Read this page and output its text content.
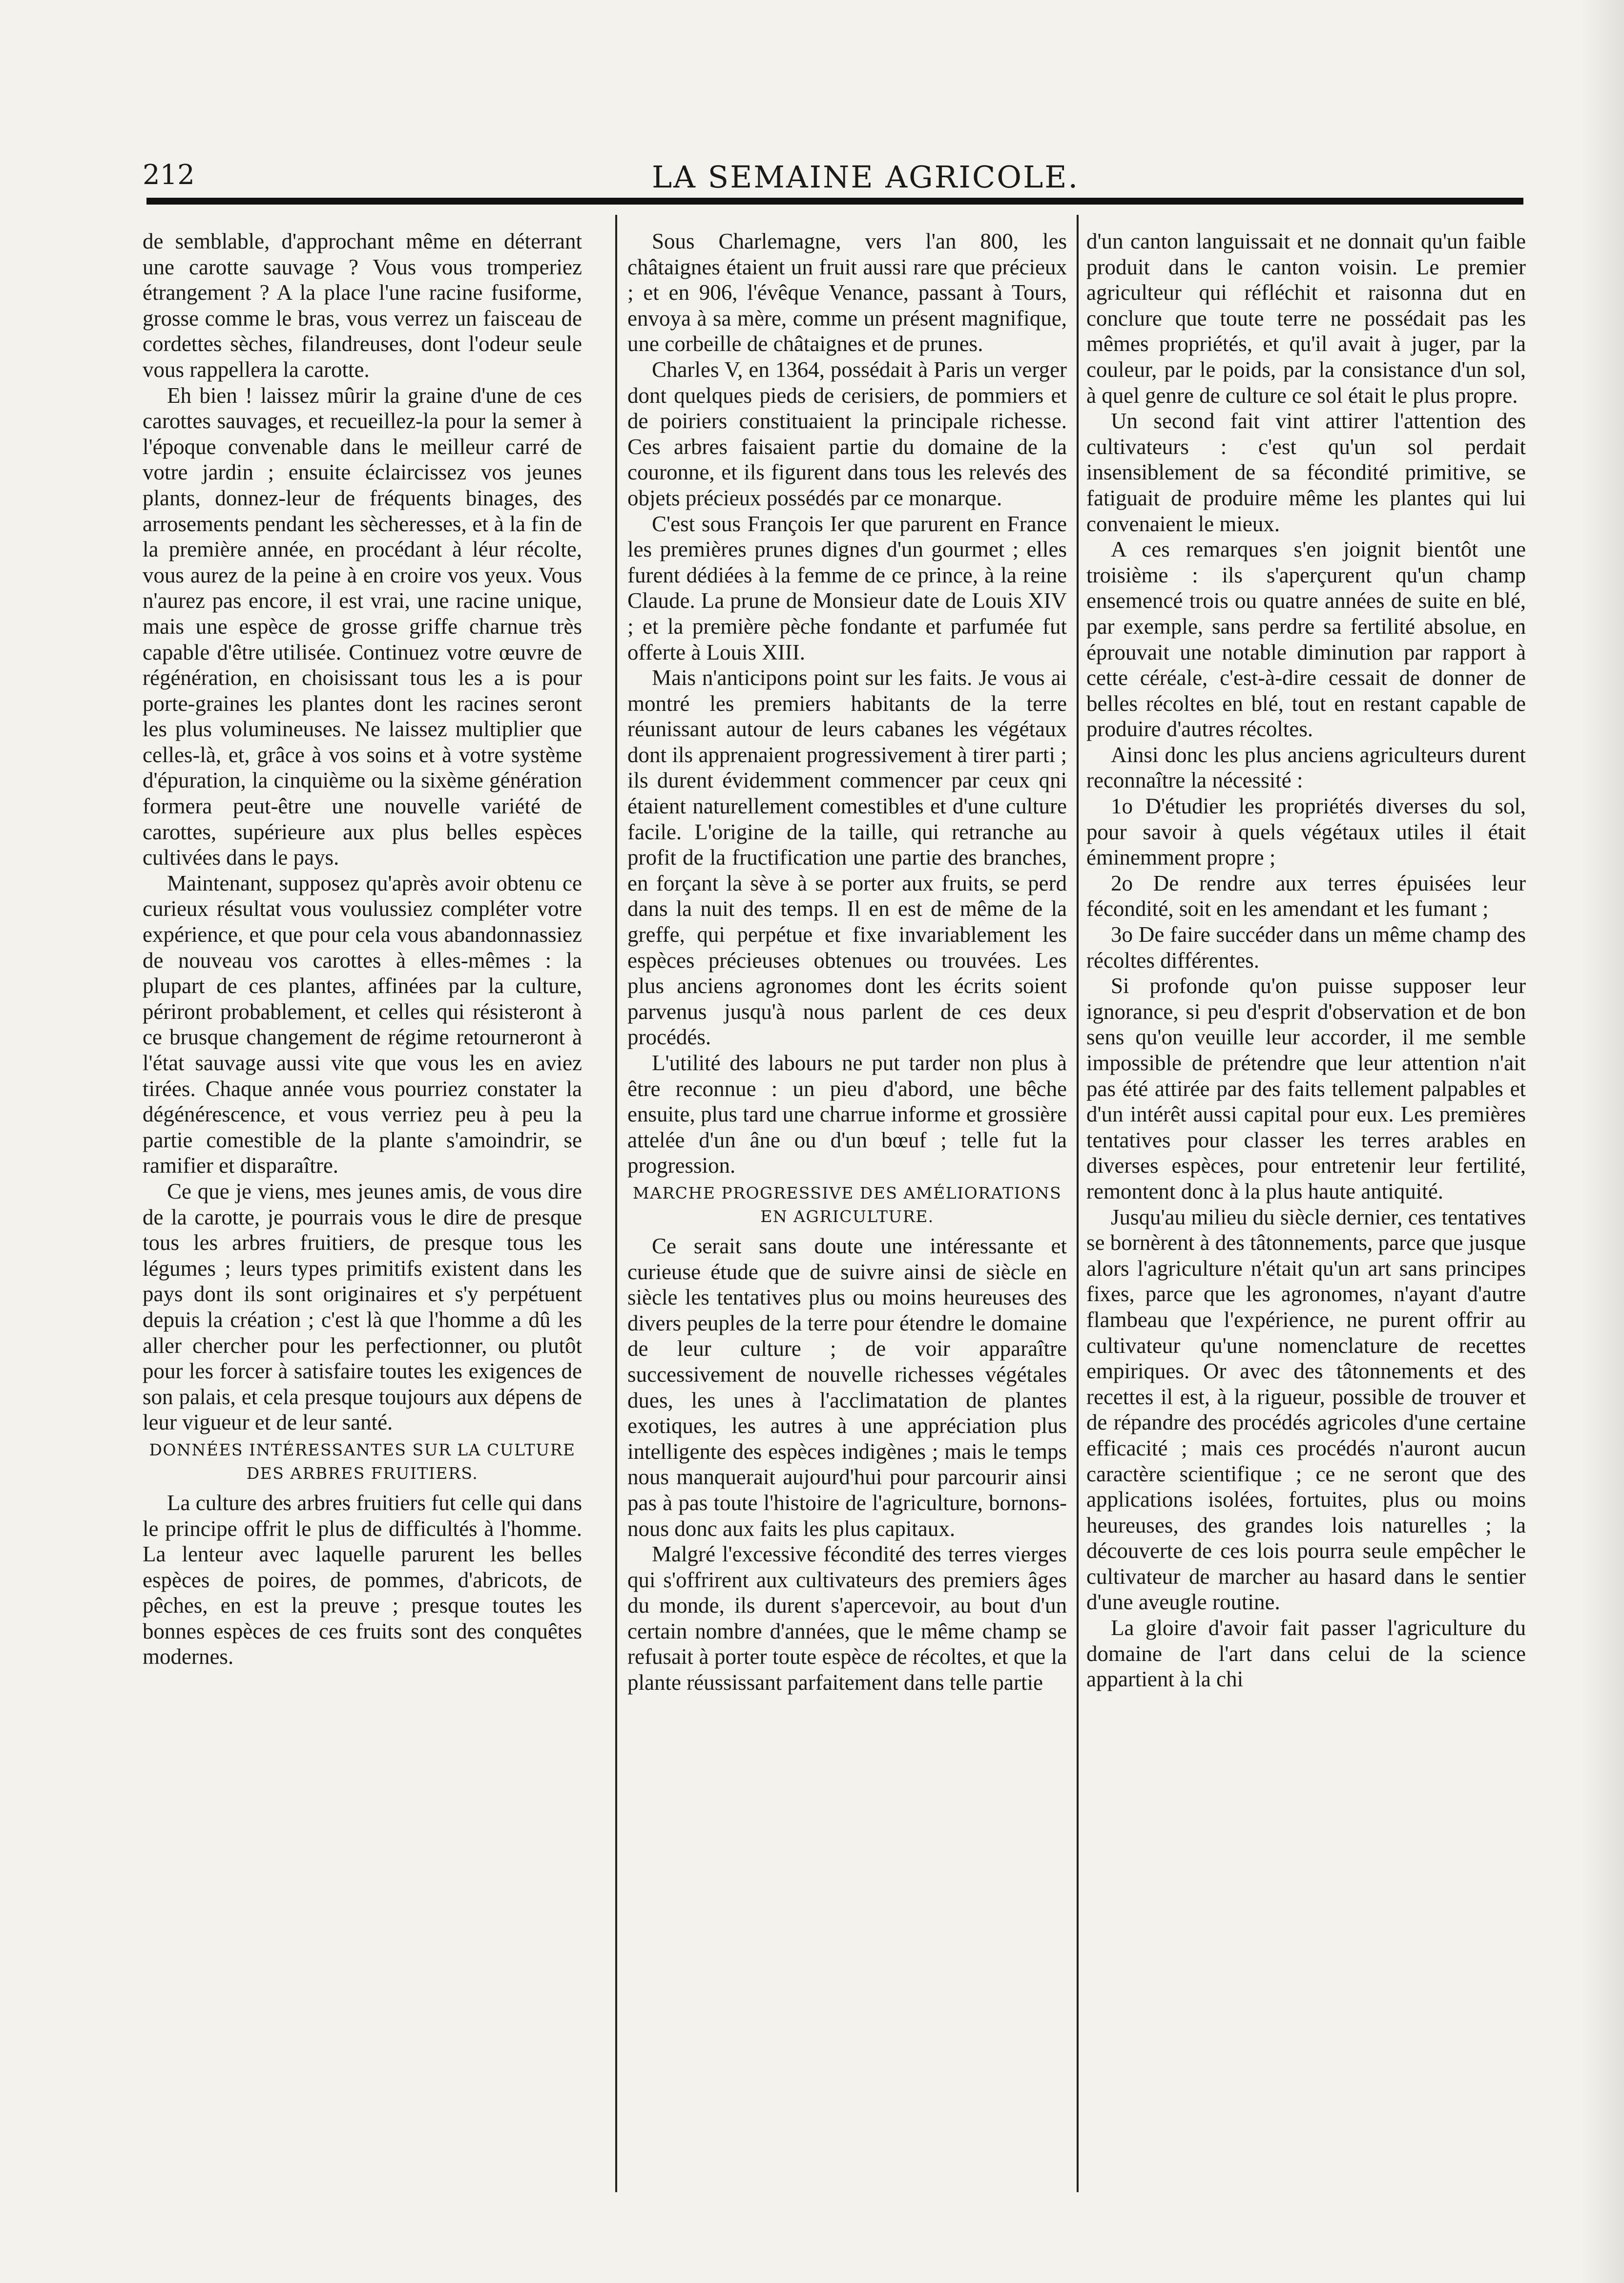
212	LA SEMAINE AGRICOLE.

de semblable, d'approchant même en déterrant une carotte sauvage ? Vous vous tromperiez étrangement ? A la place l'une racine fusiforme, grosse comme le bras, vous verrez un faisceau de cordettes sèches, filandreuses, dont l'odeur seule vous rappellera la carotte.

Eh bien ! laissez mûrir la graine d'une de ces carottes sauvages, et recueillez-la pour la semer à l'époque convenable dans le meilleur carré de votre jardin ; ensuite éclaircissez vos jeunes plants, donnez-leur de fréquents binages, des arrosements pendant les sècheresses, et à la fin de la première année, en procédant à léur récolte, vous aurez de la peine à en croire vos yeux. Vous n'aurez pas encore, il est vrai, une racine unique, mais une espèce de grosse griffe charnue très capable d'être utilisée. Continuez votre œuvre de régénération, en choisissant tous les a is pour porte-graines les plantes dont les racines seront les plus volumineuses. Ne laissez multiplier que celles-là, et, grâce à vos soins et à votre système d'épuration, la cinquième ou la sixème génération formera peut-être une nouvelle variété de carottes, supérieure aux plus belles espèces cultivées dans le pays.

Maintenant, supposez qu'après avoir obtenu ce curieux résultat vous voulussiez compléter votre expérience, et que pour cela vous abandonnassiez de nouveau vos carottes à elles-mêmes : la plupart de ces plantes, affinées par la culture, périront probablement, et celles qui résisteront à ce brusque changement de régime retourneront à l'état sauvage aussi vite que vous les en aviez tirées. Chaque année vous pourriez constater la dégénérescence, et vous verriez peu à peu la partie comestible de la plante s'amoindrir, se ramifier et disparaître.

Ce que je viens, mes jeunes amis, de vous dire de la carotte, je pourrais vous le dire de presque tous les arbres fruitiers, de presque tous les légumes ; leurs types primitifs existent dans les pays dont ils sont originaires et s'y perpétuent depuis la création ; c'est là que l'homme a dû les aller chercher pour les perfectionner, ou plutôt pour les forcer à satisfaire toutes les exigences de son palais, et cela presque toujours aux dépens de leur vigueur et de leur santé.

DONNÉES INTÉRESSANTES SUR LA CULTURE DES ARBRES FRUITIERS.

La culture des arbres fruitiers fut celle qui dans le principe offrit le plus de difficultés à l'homme. La lenteur avec laquelle parurent les belles espèces de poires, de pommes, d'abricots, de pêches, en est la preuve ; presque toutes les bonnes espèces de ces fruits sont des conquêtes modernes.

Sous Charlemagne, vers l'an 800, les châtaignes étaient un fruit aussi rare que précieux ; et en 906, l'évêque Venance, passant à Tours, envoya à sa mère, comme un présent magnifique, une corbeille de châtaignes et de prunes.

Charles V, en 1364, possédait à Paris un verger dont quelques pieds de cerisiers, de pommiers et de poiriers constituaient la principale richesse. Ces arbres faisaient partie du domaine de la couronne, et ils figurent dans tous les relevés des objets précieux possédés par ce monarque.

C'est sous François Ier que parurent en France les premières prunes dignes d'un gourmet ; elles furent dédiées à la femme de ce prince, à la reine Claude. La prune de Monsieur date de Louis XIV ; et la première pèche fondante et parfumée fut offerte à Louis XIII.

Mais n'anticipons point sur les faits. Je vous ai montré les premiers habitants de la terre réunissant autour de leurs cabanes les végétaux dont ils apprenaient progressivement à tirer parti ; ils durent évidemment commencer par ceux qni étaient naturellement comestibles et d'une culture facile. L'origine de la taille, qui retranche au profit de la fructification une partie des branches, en forçant la sève à se porter aux fruits, se perd dans la nuit des temps. Il en est de même de la greffe, qui perpétue et fixe invariablement les espèces précieuses obtenues ou trouvées. Les plus anciens agronomes dont les écrits soient parvenus jusqu'à nous parlent de ces deux procédés.

L'utilité des labours ne put tarder non plus à être reconnue : un pieu d'abord, une bêche ensuite, plus tard une charrue informe et grossière attelée d'un âne ou d'un bœuf ; telle fut la progression.

MARCHE PROGRESSIVE DES AMÉLIORATIONS EN AGRICULTURE.

Ce serait sans doute une intéressante et curieuse étude que de suivre ainsi de siècle en siècle les tentatives plus ou moins heureuses des divers peuples de la terre pour étendre le domaine de leur culture ; de voir apparaître successivement de nouvelle richesses végétales dues, les unes à l'acclimatation de plantes exotiques, les autres à une appréciation plus intelligente des espèces indigènes ; mais le temps nous manquerait aujourd'hui pour parcourir ainsi pas à pas toute l'histoire de l'agriculture, bornons-nous donc aux faits les plus capitaux.

Malgré l'excessive fécondité des terres vierges qui s'offrirent aux cultivateurs des premiers âges du monde, ils durent s'apercevoir, au bout d'un certain nombre d'années, que le même champ se refusait à porter toute espèce de récoltes, et que la plante réussissant parfaitement dans telle partie

d'un canton languissait et ne donnait qu'un faible produit dans le canton voisin. Le premier agriculteur qui réfléchit et raisonna dut en conclure que toute terre ne possédait pas les mêmes propriétés, et qu'il avait à juger, par la couleur, par le poids, par la consistance d'un sol, à quel genre de culture ce sol était le plus propre.

Un second fait vint attirer l'attention des cultivateurs : c'est qu'un sol perdait insensiblement de sa fécondité primitive, se fatiguait de produire même les plantes qui lui convenaient le mieux.

A ces remarques s'en joignit bientôt une troisième : ils s'aperçurent qu'un champ ensemencé trois ou quatre années de suite en blé, par exemple, sans perdre sa fertilité absolue, en éprouvait une notable diminution par rapport à cette céréale, c'est-à-dire cessait de donner de belles récoltes en blé, tout en restant capable de produire d'autres récoltes.

Ainsi donc les plus anciens agriculteurs durent reconnaître la nécessité :

1o D'étudier les propriétés diverses du sol, pour savoir à quels végétaux utiles il était éminemment propre ;

2o De rendre aux terres épuisées leur fécondité, soit en les amendant et les fumant ;

3o De faire succéder dans un même champ des récoltes différentes.

Si profonde qu'on puisse supposer leur ignorance, si peu d'esprit d'observation et de bon sens qu'on veuille leur accorder, il me semble impossible de prétendre que leur attention n'ait pas été attirée par des faits tellement palpables et d'un intérêt aussi capital pour eux. Les premières tentatives pour classer les terres arables en diverses espèces, pour entretenir leur fertilité, remontent donc à la plus haute antiquité.

Jusqu'au milieu du siècle dernier, ces tentatives se bornèrent à des tâtonnements, parce que jusque alors l'agriculture n'était qu'un art sans principes fixes, parce que les agronomes, n'ayant d'autre flambeau que l'expérience, ne purent offrir au cultivateur qu'une nomenclature de recettes empiriques. Or avec des tâtonnements et des recettes il est, à la rigueur, possible de trouver et de répandre des procédés agricoles d'une certaine efficacité ; mais ces procédés n'auront aucun caractère scientifique ; ce ne seront que des applications isolées, fortuites, plus ou moins heureuses, des grandes lois naturelles ; la découverte de ces lois pourra seule empêcher le cultivateur de marcher au hasard dans le sentier d'une aveugle routine.

La gloire d'avoir fait passer l'agriculture du domaine de l'art dans celui de la science appartient à la chi
